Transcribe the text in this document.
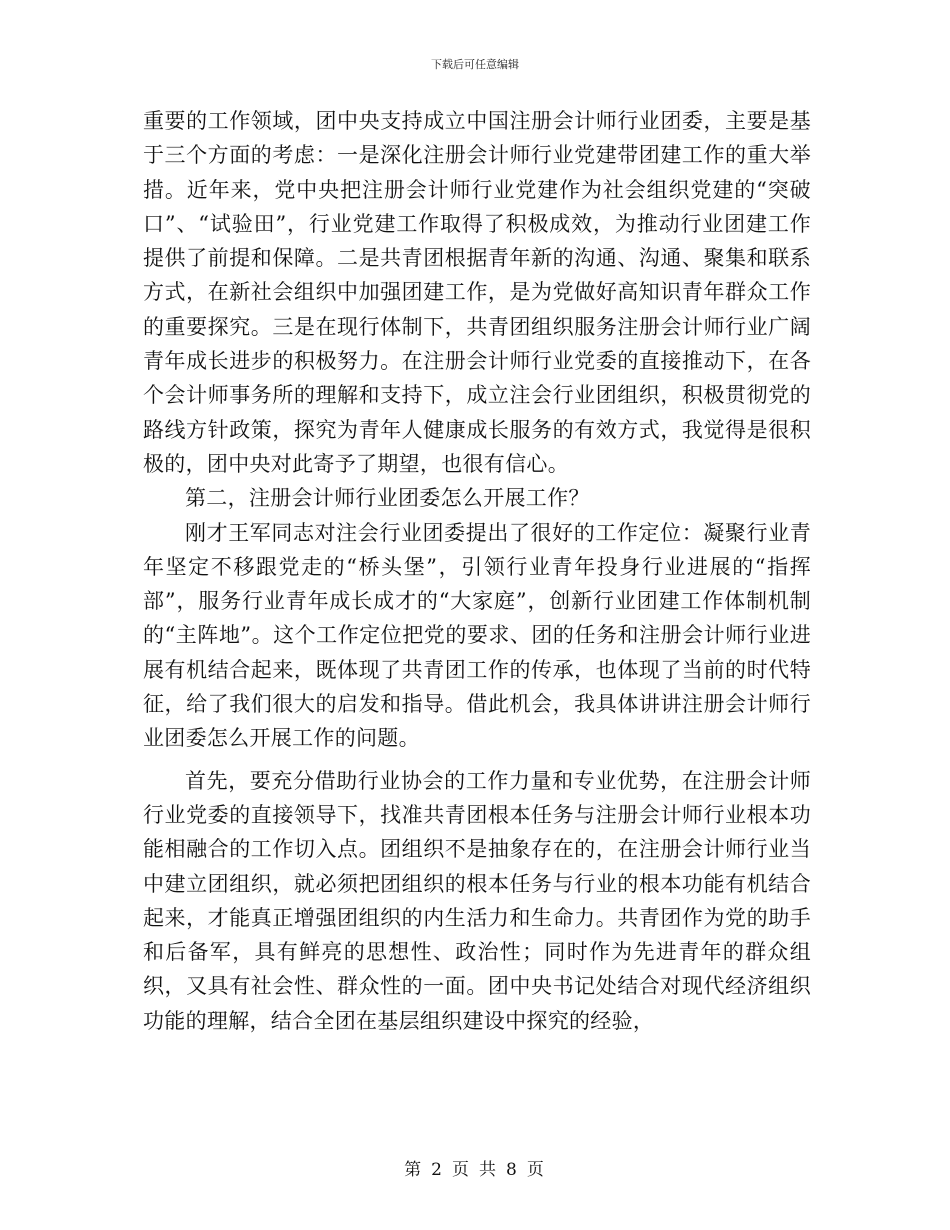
下载后可任意编辑

重要的工作领域，团中央支持成立中国注册会计师行业团委，主要是基于三个方面的考虑：一是深化注册会计师行业党建带团建工作的重大举措。近年来，党中央把注册会计师行业党建作为社会组织党建的“突破口”、“试验田”，行业党建工作取得了积极成效，为推动行业团建工作提供了前提和保障。二是共青团根据青年新的沟通、沟通、聚集和联系方式，在新社会组织中加强团建工作，是为党做好高知识青年群众工作的重要探究。三是在现行体制下，共青团组织服务注册会计师行业广阔青年成长进步的积极努力。在注册会计师行业党委的直接推动下，在各个会计师事务所的理解和支持下，成立注会行业团组织，积极贯彻党的路线方针政策，探究为青年人健康成长服务的有效方式，我觉得是很积极的，团中央对此寄予了期望，也很有信心。

第二，注册会计师行业团委怎么开展工作？

刚才王军同志对注会行业团委提出了很好的工作定位：凝聚行业青年坚定不移跟党走的“桥头堡”，引领行业青年投身行业进展的“指挥部”，服务行业青年成长成才的“大家庭”，创新行业团建工作体制机制的“主阵地”。这个工作定位把党的要求、团的任务和注册会计师行业进展有机结合起来，既体现了共青团工作的传承，也体现了当前的时代特征，给了我们很大的启发和指导。借此机会，我具体讲讲注册会计师行业团委怎么开展工作的问题。

首先，要充分借助行业协会的工作力量和专业优势，在注册会计师行业党委的直接领导下，找准共青团根本任务与注册会计师行业根本功能相融合的工作切入点。团组织不是抽象存在的，在注册会计师行业当中建立团组织，就必须把团组织的根本任务与行业的根本功能有机结合起来，才能真正增强团组织的内生活力和生命力。共青团作为党的助手和后备军，具有鲜亮的思想性、政治性；同时作为先进青年的群众组织，又具有社会性、群众性的一面。团中央书记处结合对现代经济组织功能的理解，结合全团在基层组织建设中探究的经验，

第 2 页 共 8 页
